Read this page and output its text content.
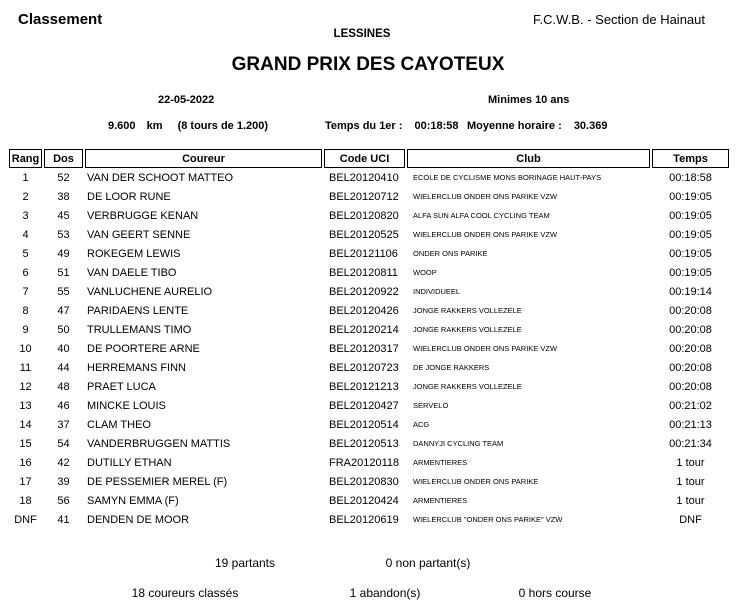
Classement	F.C.W.B. - Section de Hainaut
LESSINES
GRAND PRIX DES CAYOTEUX
22-05-2022	Minimes 10 ans
9.600 km (8 tours de 1.200)	Temps du 1er : 00:18:58 Moyenne horaire : 30.369
Rang	Dos	Coureur	Code UCI	Club	Temps
1	52	VAN DER SCHOOT MATTEO	BEL20120410	ECOLE DE CYCLISME MONS BORINAGE HAUT-PAYS	00:18:58
2	38	DE LOOR RUNE	BEL20120712	WIELERCLUB ONDER ONS PARIKE VZW	00:19:05
3	45	VERBRUGGE KENAN	BEL20120820	ALFA SUN ALFA COOL CYCLING TEAM	00:19:05
4	53	VAN GEERT SENNE	BEL20120525	WIELERCLUB ONDER ONS PARIKE VZW	00:19:05
5	49	ROKEGEM LEWIS	BEL20121106	ONDER ONS PARIKE	00:19:05
6	51	VAN DAELE TIBO	BEL20120811	WOOP	00:19:05
7	55	VANLUCHENE AURELIO	BEL20120922	INDIVIDUEEL	00:19:14
8	47	PARIDAENS LENTE	BEL20120426	JONGE RAKKERS VOLLEZELE	00:20:08
9	50	TRULLEMANS TIMO	BEL20120214	JONGE RAKKERS VOLLEZELE	00:20:08
10	40	DE POORTERE ARNE	BEL20120317	WIELERCLUB ONDER ONS PARIKE VZW	00:20:08
11	44	HERREMANS FINN	BEL20120723	DE JONGE RAKKERS	00:20:08
12	48	PRAET LUCA	BEL20121213	JONGE RAKKERS VOLLEZELE	00:20:08
13	46	MINCKE LOUIS	BEL20120427	SERVELO	00:21:02
14	37	CLAM THEO	BEL20120514	ACG	00:21:13
15	54	VANDERBRUGGEN MATTIS	BEL20120513	DANNYJI CYCLING TEAM	00:21:34
16	42	DUTILLY ETHAN	FRA20120118	ARMENTIERES	1 tour
17	39	DE PESSEMIER MEREL (F)	BEL20120830	WIELERCLUB ONDER ONS PARIKE	1 tour
18	56	SAMYN EMMA (F)	BEL20120424	ARMENTIERES	1 tour
DNF	41	DENDEN DE MOOR	BEL20120619	WIELERCLUB "ONDER ONS PARIKE" VZW	DNF
19 partants	0 non partant(s)
18 coureurs classés	1 abandon(s)	0 hors course
